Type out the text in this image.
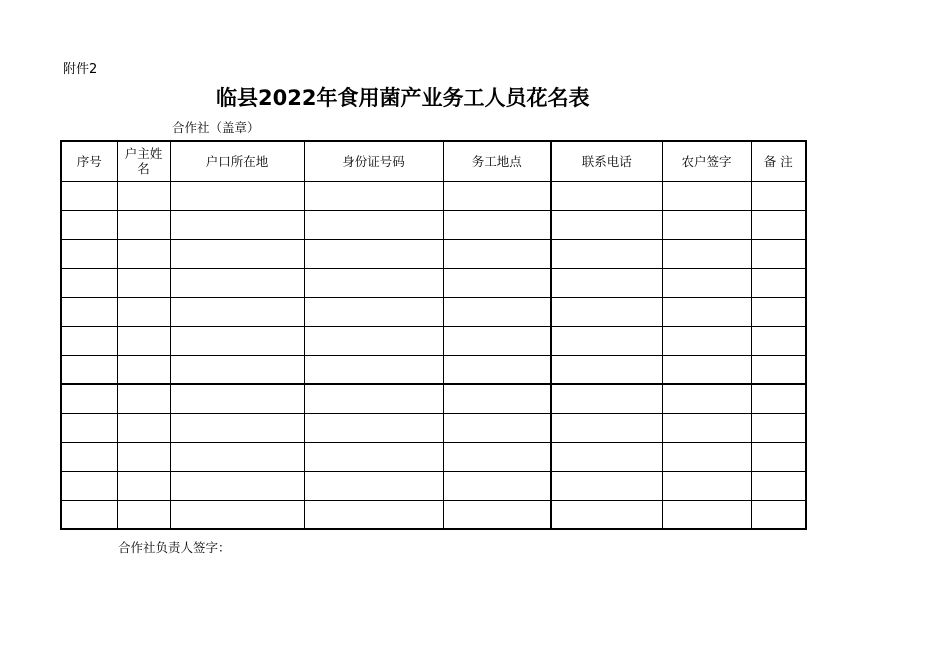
附件2
临县2022年食用菌产业务工人员花名表
合作社（盖章）
序号	户主姓名	户口所在地	身份证号码	务工地点	联系电话	农户签字	备 注

合作社负责人签字：
